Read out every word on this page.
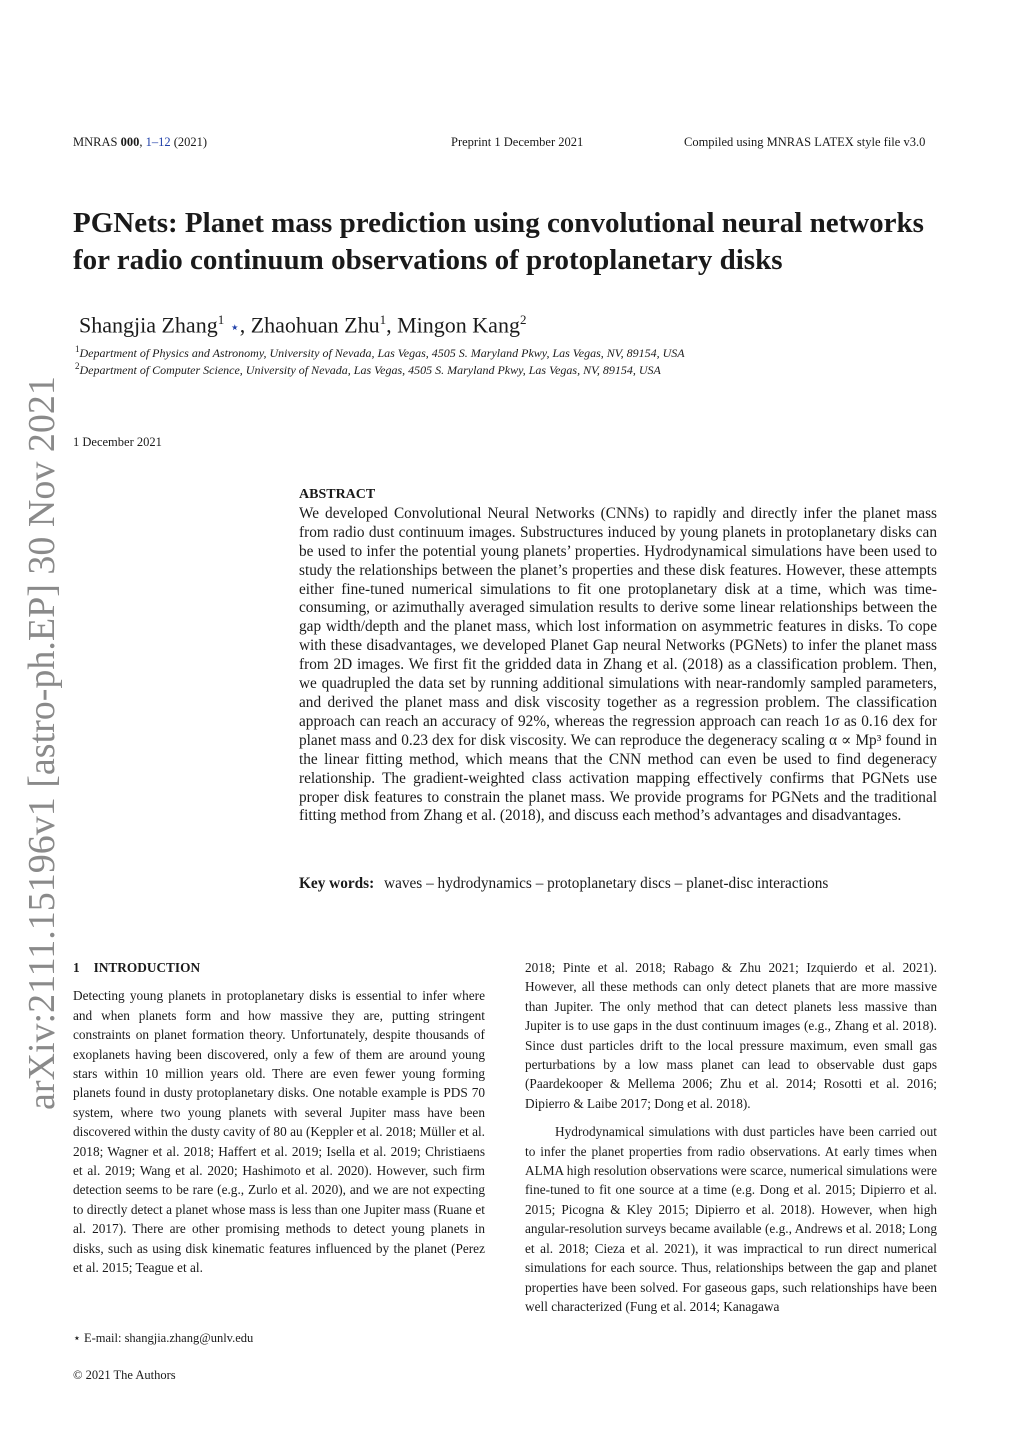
MNRAS 000, 1–12 (2021)	Preprint 1 December 2021	Compiled using MNRAS LATEX style file v3.0
arXiv:2111.15196v1 [astro-ph.EP] 30 Nov 2021
PGNets: Planet mass prediction using convolutional neural networks for radio continuum observations of protoplanetary disks
Shangjia Zhang$^1$ ⋆, Zhaohuan Zhu$^1$, Mingon Kang$^2$
$^1$Department of Physics and Astronomy, University of Nevada, Las Vegas, 4505 S. Maryland Pkwy, Las Vegas, NV, 89154, USA
$^2$Department of Computer Science, University of Nevada, Las Vegas, 4505 S. Maryland Pkwy, Las Vegas, NV, 89154, USA
1 December 2021
ABSTRACT
We developed Convolutional Neural Networks (CNNs) to rapidly and directly infer the planet mass from radio dust continuum images. Substructures induced by young planets in protoplanetary disks can be used to infer the potential young planets’ properties. Hydrodynamical simulations have been used to study the relationships between the planet’s properties and these disk features. However, these attempts either fine-tuned numerical simulations to fit one protoplanetary disk at a time, which was time-consuming, or azimuthally averaged simulation results to derive some linear relationships between the gap width/depth and the planet mass, which lost information on asymmetric features in disks. To cope with these disadvantages, we developed Planet Gap neural Networks (PGNets) to infer the planet mass from 2D images. We first fit the gridded data in Zhang et al. (2018) as a classification problem. Then, we quadrupled the data set by running additional simulations with near-randomly sampled parameters, and derived the planet mass and disk viscosity together as a regression problem. The classification approach can reach an accuracy of 92%, whereas the regression approach can reach 1σ as 0.16 dex for planet mass and 0.23 dex for disk viscosity. We can reproduce the degeneracy scaling α ∝ Mp³ found in the linear fitting method, which means that the CNN method can even be used to find degeneracy relationship. The gradient-weighted class activation mapping effectively confirms that PGNets use proper disk features to constrain the planet mass. We provide programs for PGNets and the traditional fitting method from Zhang et al. (2018), and discuss each method’s advantages and disadvantages.
Key words: waves – hydrodynamics – protoplanetary discs – planet-disc interactions
1 INTRODUCTION
Detecting young planets in protoplanetary disks is essential to infer where and when planets form and how massive they are, putting stringent constraints on planet formation theory. Unfortunately, despite thousands of exoplanets having been discovered, only a few of them are around young stars within 10 million years old. There are even fewer young forming planets found in dusty protoplanetary disks. One notable example is PDS 70 system, where two young planets with several Jupiter mass have been discovered within the dusty cavity of 80 au (Keppler et al. 2018; Müller et al. 2018; Wagner et al. 2018; Haffert et al. 2019; Isella et al. 2019; Christiaens et al. 2019; Wang et al. 2020; Hashimoto et al. 2020). However, such firm detection seems to be rare (e.g., Zurlo et al. 2020), and we are not expecting to directly detect a planet whose mass is less than one Jupiter mass (Ruane et al. 2017). There are other promising methods to detect young planets in disks, such as using disk kinematic features influenced by the planet (Perez et al. 2015; Teague et al.
2018; Pinte et al. 2018; Rabago & Zhu 2021; Izquierdo et al. 2021). However, all these methods can only detect planets that are more massive than Jupiter. The only method that can detect planets less massive than Jupiter is to use gaps in the dust continuum images (e.g., Zhang et al. 2018). Since dust particles drift to the local pressure maximum, even small gas perturbations by a low mass planet can lead to observable dust gaps (Paardekooper & Mellema 2006; Zhu et al. 2014; Rosotti et al. 2016; Dipierro & Laibe 2017; Dong et al. 2018).
Hydrodynamical simulations with dust particles have been carried out to infer the planet properties from radio observations. At early times when ALMA high resolution observations were scarce, numerical simulations were fine-tuned to fit one source at a time (e.g. Dong et al. 2015; Dipierro et al. 2015; Picogna & Kley 2015; Dipierro et al. 2018). However, when high angular-resolution surveys became available (e.g., Andrews et al. 2018; Long et al. 2018; Cieza et al. 2021), it was impractical to run direct numerical simulations for each source. Thus, relationships between the gap and planet properties have been solved. For gaseous gaps, such relationships have been well characterized (Fung et al. 2014; Kanagawa
⋆ E-mail: shangjia.zhang@unlv.edu
© 2021 The Authors
